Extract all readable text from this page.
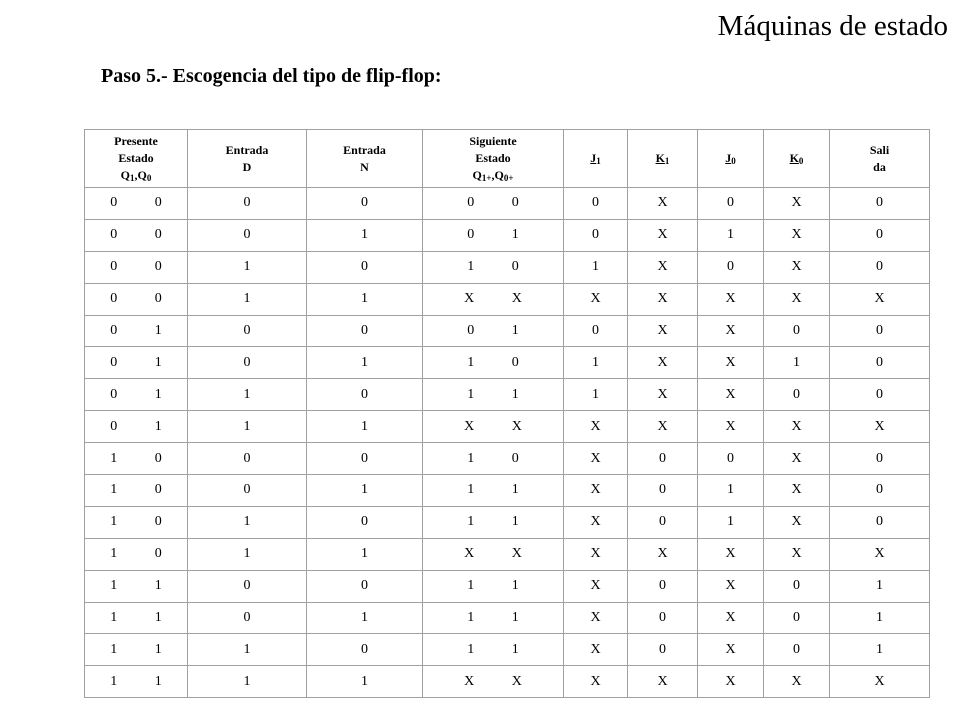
Máquinas de estado
Paso 5.- Escogencia del tipo de flip-flop:
Presente
Estado
$Q_1,Q_0$	Entrada
D	Entrada
N	Siguiente
Estado
$Q_{1+},Q_{0+}$	$J_1$	$K_1$	$J_0$	$K_0$	Sali
da

0   0	0	0	0   0	0	X	0	X	0
0   0	0	1	0   1	0	X	1	X	0
0   0	1	0	1   0	1	X	0	X	0
0   0	1	1	X   X	X	X	X	X	X
0   1	0	0	0   1	0	X	X	0	0
0   1	0	1	1   0	1	X	X	1	0
0   1	1	0	1   1	1	X	X	0	0
0   1	1	1	X   X	X	X	X	X	X
1   0	0	0	1   0	X	0	0	X	0
1   0	0	1	1   1	X	0	1	X	0
1   0	1	0	1   1	X	0	1	X	0
1   0	1	1	X   X	X	X	X	X	X
1   1	0	0	1   1	X	0	X	0	1
1   1	0	1	1   1	X	0	X	0	1
1   1	1	0	1   1	X	0	X	0	1
1   1	1	1	X   X	X	X	X	X	X
